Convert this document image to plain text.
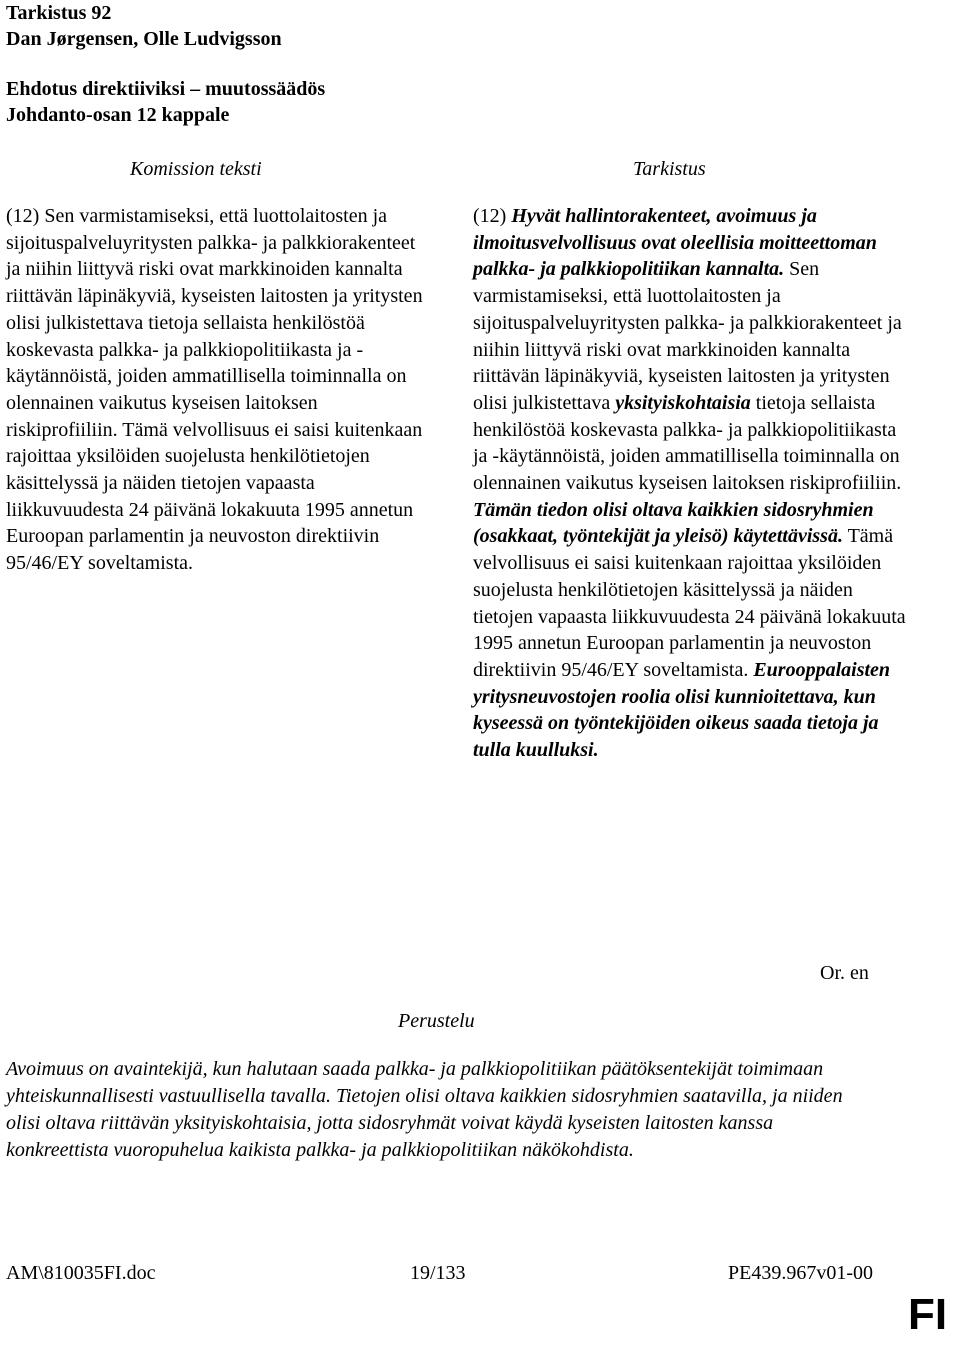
Tarkistus 92
Dan Jørgensen, Olle Ludvigsson
Ehdotus direktiiviksi – muutossäädös
Johdanto-osan 12 kappale
Komission teksti	Tarkistus

(12) Sen varmistamiseksi, että luottolaitosten ja sijoituspalveluyritysten palkka- ja palkkiorakenteet ja niihin liittyvä riski ovat markkinoiden kannalta riittävän läpinäkyviä, kyseisten laitosten ja yritysten olisi julkistettava tietoja sellaista henkilöstöä koskevasta palkka- ja palkkiopolitiikasta ja -käytännöistä, joiden ammatillisella toiminnalla on olennainen vaikutus kyseisen laitoksen riskiprofiiliin. Tämä velvollisuus ei saisi kuitenkaan rajoittaa yksilöiden suojelusta henkilötietojen käsittelyssä ja näiden tietojen vapaasta liikkuvuudesta 24 päivänä lokakuuta 1995 annetun Euroopan parlamentin ja neuvoston direktiivin 95/46/EY soveltamista.

(12) Hyvät hallintorakenteet, avoimuus ja ilmoitusvelvollisuus ovat oleellisia moitteettoman palkka- ja palkkiopolitiikan kannalta. Sen varmistamiseksi, että luottolaitosten ja sijoituspalveluyritysten palkka- ja palkkiorakenteet ja niihin liittyvä riski ovat markkinoiden kannalta riittävän läpinäkyviä, kyseisten laitosten ja yritysten olisi julkistettava yksityiskohtaisia tietoja sellaista henkilöstöä koskevasta palkka- ja palkkiopolitiikasta ja -käytännöistä, joiden ammatillisella toiminnalla on olennainen vaikutus kyseisen laitoksen riskiprofiiliin. Tämän tiedon olisi oltava kaikkien sidosryhmien (osakkaat, työntekijät ja yleisö) käytettävissä. Tämä velvollisuus ei saisi kuitenkaan rajoittaa yksilöiden suojelusta henkilötietojen käsittelyssä ja näiden tietojen vapaasta liikkuvuudesta 24 päivänä lokakuuta 1995 annetun Euroopan parlamentin ja neuvoston direktiivin 95/46/EY soveltamista. Eurooppalaisten yritysneuvostojen roolia olisi kunnioitettava, kun kyseessä on työntekijöiden oikeus saada tietoja ja tulla kuulluksi.

Or. en
Perustelu
Avoimuus on avaintekijä, kun halutaan saada palkka- ja palkkiopolitiikan päätöksentekijät toimimaan yhteiskunnallisesti vastuullisella tavalla. Tietojen olisi oltava kaikkien sidosryhmien saatavilla, ja niiden olisi oltava riittävän yksityiskohtaisia, jotta sidosryhmät voivat käydä kyseisten laitosten kanssa konkreettista vuoropuhelua kaikista palkka- ja palkkiopolitiikan näkökohdista.
AM\810035FI.doc	19/133	PE439.967v01-00
FI
